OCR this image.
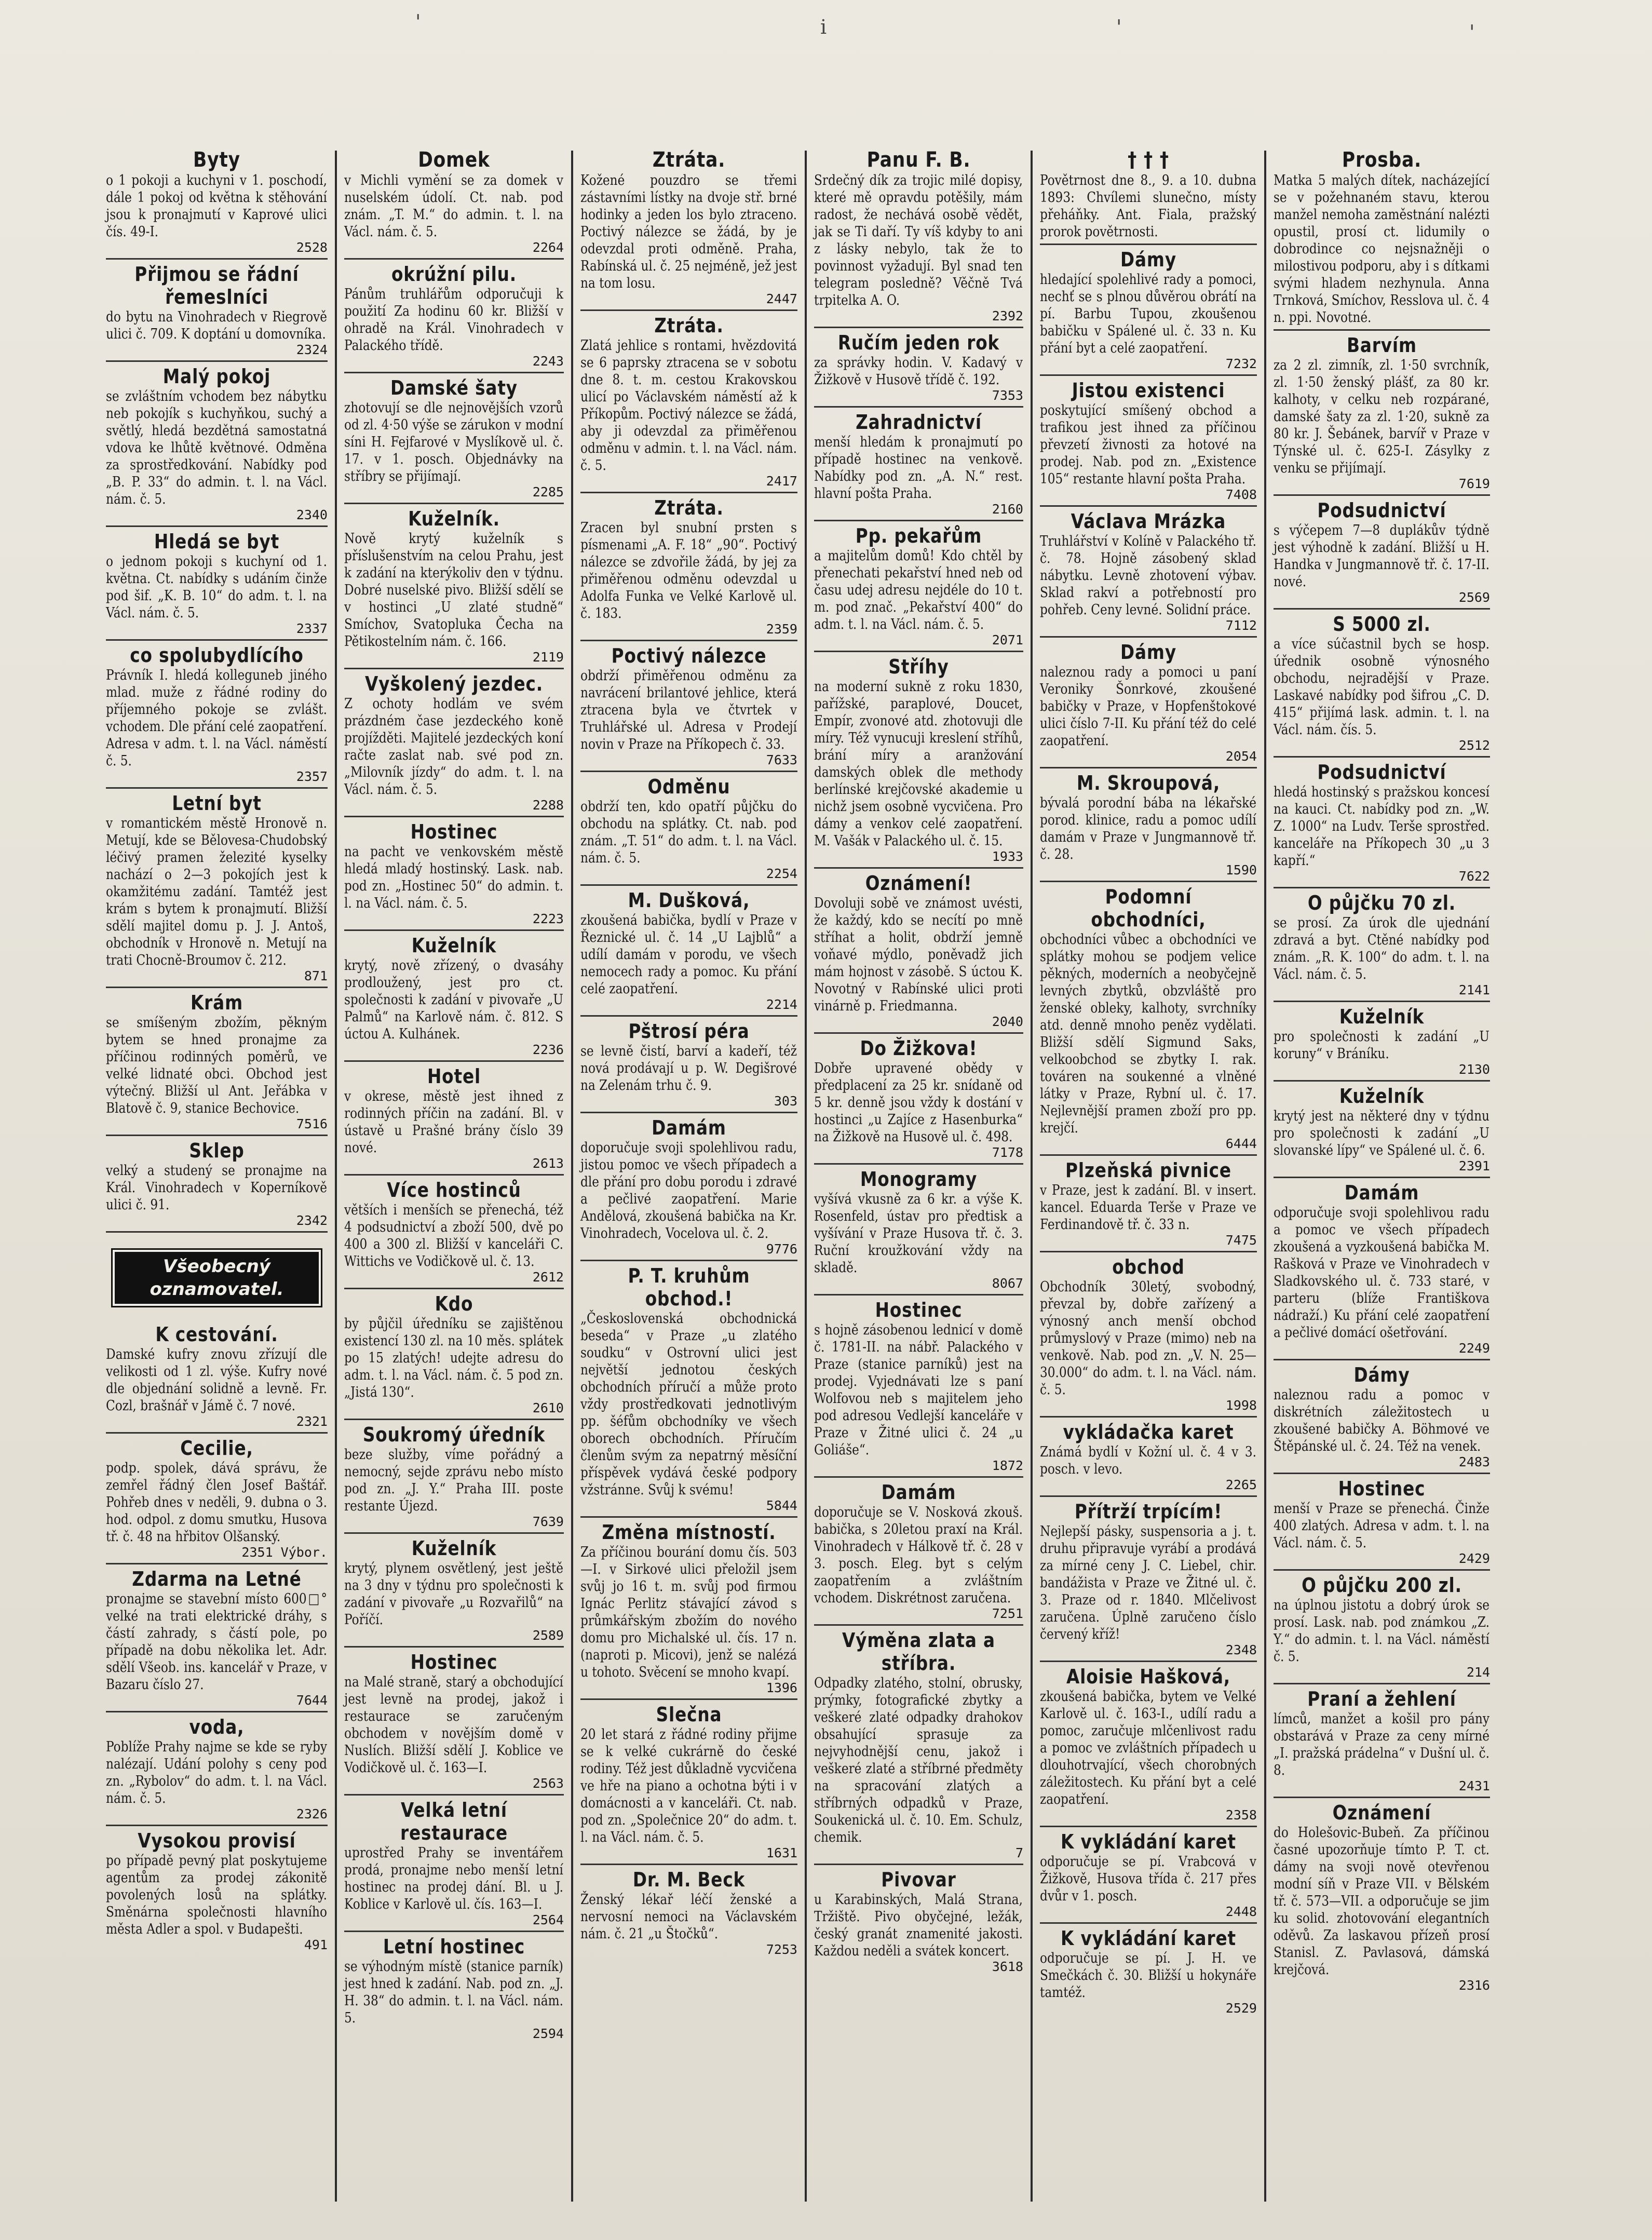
'	i	'	'
Byty
o 1 pokoji a kuchyni v 1. poschodí, dále 1 pokoj od května k stěhování jsou k pronajmutí v Kaprové ulici čís. 49-I.
2528
Přijmou se řádní řemeslníci
do bytu na Vinohradech v Riegrově ulici č. 709. K doptání u domovníka.
2324
Malý pokoj
se zvláštním vchodem bez nábytku neb pokojík s kuchyňkou, suchý a světlý, hledá bezdětná samostatná vdova ke lhůtě květnové. Odměna za sprostředkování. Nabídky pod „B. P. 33“ do admin. t. l. na Václ. nám. č. 5.
2340
Hledá se byt
o jednom pokoji s kuchyní od 1. května. Ct. nabídky s udáním činže pod šif. „K. B. 10“ do adm. t. l. na Václ. nám. č. 5.
2337
co spolubydlícího
Právník I. hledá kolleguneb jiného mlad. muže z řádné rodiny do příjemného pokoje se zvlášt. vchodem. Dle přání celé zaopatření. Adresa v adm. t. l. na Václ. náměstí č. 5.
2357
Letní byt
v romantickém městě Hronově n. Metují, kde se Bělovesa-Chudobský léčivý pramen železité kyselky nachází o 2—3 pokojích jest k okamžitému zadání. Tamtéž jest krám s bytem k pronajmutí. Bližší sdělí majitel domu p. J. J. Antoš, obchodník v Hronově n. Metují na trati Chocně-Broumov č. 212.
871
Krám
se smíšeným zbožím, pěkným bytem se hned pronajme za příčinou rodinných poměrů, ve velké lidnaté obci. Obchod jest výtečný. Bližší ul Ant. Jeřábka v Blatově č. 9, stanice Bechovice.
7516
Sklep
velký a studený se pronajme na Král. Vinohradech v Koperníkově ulici č. 91.
2342
Všeobecný oznamovatel.
K cestování.
Damské kufry znovu zřízují dle velikosti od 1 zl. výše. Kufry nové dle objednání solidně a levně. Fr. Cozl, brašnář v Jámě č. 7 nové.
2321
Cecilie,
podp. spolek, dává správu, že zemřel řádný člen Josef Baštář. Pohřeb dnes v neděli, 9. dubna o 3. hod. odpol. z domu smutku, Husova tř. č. 48 na hřbitov Olšanský.
2351 Výbor.
Zdarma na Letné
pronajme se stavební místo 600□° velké na trati elektrické dráhy, s částí zahrady, s částí pole, po případě na dobu několika let. Adr. sdělí Všeob. ins. kancelář v Praze, v Bazaru číslo 27.
7644
voda,
Poblíže Prahy najme se kde se ryby nalézají. Udání polohy s ceny pod zn. „Rybolov“ do adm. t. l. na Václ. nám. č. 5.
2326
Vysokou provisí
po případě pevný plat poskytujeme agentům za prodej zákonitě povolených losů na splátky. Směnárna společnosti hlavního města Adler a spol. v Budapešti.
491
Domek
v Michli vymění se za domek v nuselském údolí. Ct. nab. pod znám. „T. M.“ do admin. t. l. na Václ. nám. č. 5.
2264
okrúžní pilu.
Pánům truhlářům odporučuji k použití Za hodinu 60 kr. Bližší v ohradě na Král. Vinohradech v Palackého třídě.
2243
Damské šaty
zhotovují se dle nejnovějších vzorů od zl. 4·50 výše se zárukon v modní síni H. Fejfarové v Myslíkově ul. č. 17. v 1. posch. Objednávky na stříbry se přijímají.
2285
Kuželník.
Nově krytý kuželník s příslušenstvím na celou Prahu, jest k zadání na kterýkoliv den v týdnu. Dobré nuselské pivo. Bližší sdělí se v hostinci „U zlaté studně“ Smíchov, Svatopluka Čecha na Pětikostelním nám. č. 166.
2119
Vyškolený jezdec.
Z ochoty hodlám ve svém prázdném čase jezdeckého koně projížděti. Majitelé jezdeckých koní račte zaslat nab. své pod zn. „Milovník jízdy“ do adm. t. l. na Václ. nám. č. 5.
2288
Hostinec
na pacht ve venkovském městě hledá mladý hostinský. Lask. nab. pod zn. „Hostinec 50“ do admin. t. l. na Václ. nám. č. 5.
2223
Kuželník
krytý, nově zřízený, o dvasáhy prodloužený, jest pro ct. společnosti k zadání v pivovaře „U Palmů“ na Karlově nám. č. 812. S úctou A. Kulhánek.
2236
Hotel
v okrese, městě jest ihned z rodinných příčin na zadání. Bl. v ústavě u Prašné brány číslo 39 nové.
2613
Více hostinců
větších i menších se přenechá, též 4 podsudnictví a zboží 500, dvě po 400 a 300 zl. Bližší v kanceláři C. Wittichs ve Vodičkově ul. č. 13.
2612
Kdo
by půjčil úředníku se zajištěnou existencí 130 zl. na 10 měs. splátek po 15 zlatých! udejte adresu do adm. t. l. na Václ. nám. č. 5 pod zn. „Jistá 130“.
2610
Soukromý úředník
beze služby, víme pořádný a nemocný, sejde zprávu nebo místo pod zn. „J. Y.“ Praha III. poste restante Újezd.
7639
Kuželník
krytý, plynem osvětlený, jest ještě na 3 dny v týdnu pro společnosti k zadání v pivovaře „u Rozvařilů“ na Poříčí.
2589
Hostinec
na Malé straně, starý a obchodující jest levně na prodej, jakož i restaurace se zaručeným obchodem v novějším domě v Nuslích. Bližší sdělí J. Koblice ve Vodičkově ul. č. 163—I.
2563
Velká letní restaurace
uprostřed Prahy se inventářem prodá, pronajme nebo menší letní hostinec na prodej dání. Bl. u J. Koblice v Karlově ul. čís. 163—I.
2564
Letní hostinec
se výhodným místě (stanice parník) jest hned k zadání. Nab. pod zn. „J. H. 38“ do admin. t. l. na Václ. nám. 5.
2594
Ztráta.
Kožené pouzdro se třemi zástavními lístky na dvoje stř. brné hodinky a jeden los bylo ztraceno. Poctivý nálezce se žádá, by je odevzdal proti odměně. Praha, Rabínská ul. č. 25 nejméně, jež jest na tom losu.
2447
Ztráta.
Zlatá jehlice s rontami, hvězdovitá se 6 paprsky ztracena se v sobotu dne 8. t. m. cestou Krakovskou ulicí po Václavském náměstí až k Příkopům. Poctivý nálezce se žádá, aby ji odevzdal za přiměřenou odměnu v admin. t. l. na Václ. nám. č. 5.
2417
Ztráta.
Zracen byl snubní prsten s písmenami „A. F. 18“ „90“. Poctivý nálezce se zdvořile žádá, by jej za přiměřenou odměnu odevzdal u Adolfa Funka ve Velké Karlově ul. č. 183.
2359
Poctivý nálezce
obdrží přiměřenou odměnu za navrácení brilantové jehlice, která ztracena byla ve čtvrtek v Truhlářské ul. Adresa v Prodejí novin v Praze na Příkopech č. 33.
7633
Odměnu
obdrží ten, kdo opatří půjčku do obchodu na splátky. Ct. nab. pod znám. „T. 51“ do adm. t. l. na Václ. nám. č. 5.
2254
M. Dušková,
zkoušená babička, bydlí v Praze v Řeznické ul. č. 14 „U Lajblů“ a udílí damám v porodu, ve všech nemocech rady a pomoc. Ku přání celé zaopatření.
2214
Pštrosí péra
se levně čistí, barví a kadeří, též nová prodávají u p. W. Degišrové na Zelenám trhu č. 9.
303
Damám
doporučuje svoji spolehlivou radu, jistou pomoc ve všech případech a dle přání pro dobu porodu i zdravé a pečlivé zaopatření. Marie Andělová, zkoušená babička na Kr. Vinohradech, Vocelova ul. č. 2.
9776
P. T. kruhům obchod.!
„Československá obchodnická beseda“ v Praze „u zlatého soudku“ v Ostrovní ulici jest největší jednotou českých obchodních příručí a může proto vždy prostředkovati jednotlivým pp. šéfům obchodníky ve všech oborech obchodních. Příručím členům svým za nepatrný měsíční příspěvek vydává české podpory vžstránne. Svůj k svému!
5844
Změna místností.
Za příčinou bourání domu čís. 503—I. v Sirkové ulici přeložil jsem svůj jo 16 t. m. svůj pod firmou Ignác Perlitz stávající závod s průmkářským zbožím do nového domu pro Michalské ul. čís. 17 n. (naproti p. Micovi), jenž se nalézá u tohoto. Svěcení se mnoho kvapí.
1396
Slečna
20 let stará z řádné rodiny přijme se k velké cukrárně do české rodiny. Též jest důkladně vycvičena ve hře na piano a ochotna býti i v domácnosti a v kanceláři. Ct. nab. pod zn. „Společnice 20“ do adm. t. l. na Václ. nám. č. 5.
1631
Dr. M. Beck
Ženský lékař léčí ženské a nervosní nemoci na Václavském nám. č. 21 „u Štočků“.
7253
Panu F. B.
Srdečný dík za trojic milé dopisy, které mě opravdu potěšily, mám radost, že nechává osobě vědět, jak se Ti daří. Ty víš kdyby to ani z lásky nebylo, tak že to povinnost vyžadují. Byl snad ten telegram posledně? Věčně Tvá trpitelka A. O.
2392
Ručím jeden rok
za správky hodin. V. Kadavý v Žižkově v Husově třídě č. 192.
7353
Zahradnictví
menší hledám k pronajmutí po případě hostinec na venkově. Nabídky pod zn. „A. N.“ rest. hlavní pošta Praha.
2160
Pp. pekařům
a majitelům domů! Kdo chtěl by přenechati pekařství hned neb od času udej adresu nejdéle do 10 t. m. pod znač. „Pekařství 400“ do adm. t. l. na Václ. nám. č. 5.
2071
Stříhy
na moderní sukně z roku 1830, pařížské, paraplové, Doucet, Empír, zvonové atd. zhotovuji dle míry. Též vynucuji kreslení stříhů, brání míry a aranžování damských oblek dle methody berlínské krejčovské akademie u nichž jsem osobně vycvičena. Pro dámy a venkov celé zaopatření. M. Vašák v Palackého ul. č. 15.
1933
Oznámení!
Dovoluji sobě ve známost uvésti, že každý, kdo se necítí po mně stříhat a holit, obdrží jemně voňavé mýdlo, poněvadž jich mám hojnost v zásobě. S úctou K. Novotný v Rabínské ulici proti vinárně p. Friedmanna.
2040
Do Žižkova!
Dobře upravené obědy v předplacení za 25 kr. snídaně od 5 kr. denně jsou vždy k dostání v hostinci „u Zajíce z Hasenburka“ na Žižkově na Husově ul. č. 498.
7178
Monogramy
vyšívá vkusně za 6 kr. a výše K. Rosenfeld, ústav pro předtisk a vyšívání v Praze Husova tř. č. 3. Ruční kroužkování vždy na skladě.
8067
Hostinec
s hojně zásobenou lednicí v domě č. 1781-II. na nábř. Palackého v Praze (stanice parníků) jest na prodej. Vyjednávati lze s paní Wolfovou neb s majitelem jeho pod adresou Vedlejší kanceláře v Praze v Žitné ulici č. 24 „u Goliáše“.
1872
Damám
doporučuje se V. Nosková zkouš. babička, s 20letou praxí na Král. Vinohradech v Hálkově tř. č. 28 v 3. posch. Eleg. byt s celým zaopatřením a zvláštním vchodem. Diskrétnost zaručena.
7251
Výměna zlata a stříbra.
Odpadky zlatého, stolní, obrusky, prýmky, fotografické zbytky a veškeré zlaté odpadky drahokov obsahující sprasuje za nejvyhodnější cenu, jakož i veškeré zlaté a stříbrné předměty na spracování zlatých a stříbrných odpadků v Praze, Soukenická ul. č. 10. Em. Schulz, chemik.
7
Pivovar
u Karabinských, Malá Strana, Tržiště. Pivo obyčejné, ležák, český granát znamenité jakosti. Každou neděli a svátek koncert.
3618
† † †
Povětrnost dne 8., 9. a 10. dubna 1893: Chvílemi slunečno, místy přeháňky. Ant. Fiala, pražský prorok povětrnosti.
Dámy
hledající spolehlivé rady a pomoci, nechť se s plnou důvěrou obrátí na pí. Barbu Tupou, zkoušenou babičku v Spálené ul. č. 33 n. Ku přání byt a celé zaopatření.
7232
Jistou existenci
poskytující smíšený obchod a trafikou jest ihned za příčinou převzetí živnosti za hotové na prodej. Nab. pod zn. „Existence 105“ restante hlavní pošta Praha.
7408
Václava Mrázka
Truhlářství v Kolíně v Palackého tř. č. 78. Hojně zásobený sklad nábytku. Levně zhotovení výbav. Sklad rakví a potřebností pro pohřeb. Ceny levné. Solidní práce.
7112
Dámy
naleznou rady a pomoci u paní Veroniky Šonrkové, zkoušené babičky v Praze, v Hopfenštokové ulici číslo 7-II. Ku přání též do celé zaopatření.
2054
M. Skroupová,
bývalá porodní bába na lékařské porod. klinice, radu a pomoc udílí damám v Praze v Jungmannově tř. č. 28.
1590
Podomní obchodníci,
obchodníci vůbec a obchodníci ve splátky mohou se podjem velice pěkných, moderních a neobyčejně levných zbytků, obzvláště pro ženské obleky, kalhoty, svrchníky atd. denně mnoho peněz vydělati. Bližší sdělí Sigmund Saks, velkoobchod se zbytky I. rak. továren na soukenné a vlněné látky v Praze, Rybní ul. č. 17. Nejlevnější pramen zboží pro pp. krejčí.
6444
Plzeňská pivnice
v Praze, jest k zadání. Bl. v insert. kancel. Eduarda Terše v Praze ve Ferdinandově tř. č. 33 n.
7475
obchod
Obchodník 30letý, svobodný, převzal by, dobře zařízený a výnosný anch menší obchod průmyslový v Praze (mimo) neb na venkově. Nab. pod zn. „V. N. 25—30.000“ do adm. t. l. na Václ. nám. č. 5.
1998
vykládačka karet
Známá bydlí v Kožní ul. č. 4 v 3. posch. v levo.
2265
Přítrží trpícím!
Nejlepší pásky, suspensoria a j. t. druhu připravuje vyrábí a prodává za mírné ceny J. C. Liebel, chir. bandážista v Praze ve Žitné ul. č. 3. Praze od r. 1840. Mlčelivost zaručena. Úplně zaručeno číslo červený kříž!
2348
Aloisie Hašková,
zkoušená babička, bytem ve Velké Karlově ul. č. 163-I., udílí radu a pomoc, zaručuje mlčenlivost radu a pomoc ve zvláštních případech u dlouhotrvající, všech chorobných záležitostech. Ku přání byt a celé zaopatření.
2358
K vykládání karet
odporučuje se pí. Vrabcová v Žižkově, Husova třída č. 217 přes dvůr v 1. posch.
2448
K vykládání karet
odporučuje se pí. J. H. ve Smečkách č. 30. Bližší u hokynáře tamtéž.
2529
Prosba.
Matka 5 malých dítek, nacházející se v požehnaném stavu, kterou manžel nemoha zaměstnání nalézti opustil, prosí ct. lidumily o dobrodince co nejsnažněji o milostivou podporu, aby i s dítkami svými hladem nezhynula. Anna Trnková, Smíchov, Resslova ul. č. 4 n. ppi. Novotné.
Barvím
za 2 zl. zimník, zl. 1·50 svrchník, zl. 1·50 ženský plášť, za 80 kr. kalhoty, v celku neb rozpárané, damské šaty za zl. 1·20, sukně za 80 kr. J. Šebánek, barvíř v Praze v Týnské ul. č. 625-I. Zásylky z venku se přijímají.
7619
Podsudnictví
s výčepem 7—8 duplákův týdně jest výhodně k zadání. Bližší u H. Handka v Jungmannově tř. č. 17-II. nové.
2569
S 5000 zl.
a více súčastnil bych se hosp. úřednik osobně výnosného obchodu, nejradější v Praze. Laskavé nabídky pod šifrou „C. D. 415“ přijímá lask. admin. t. l. na Václ. nám. čís. 5.
2512
Podsudnictví
hledá hostinský s pražskou koncesí na kauci. Ct. nabídky pod zn. „W. Z. 1000“ na Ludv. Terše sprostřed. kanceláře na Příkopech 30 „u 3 kapří.“
7622
O půjčku 70 zl.
se prosí. Za úrok dle ujednání zdravá a byt. Ctěné nabídky pod znám. „R. K. 100“ do adm. t. l. na Václ. nám. č. 5.
2141
Kuželník
pro společnosti k zadání „U koruny“ v Bráníku.
2130
Kuželník
krytý jest na některé dny v týdnu pro společnosti k zadání „U slovanské lípy“ ve Spálené ul. č. 6.
2391
Damám
odporučuje svoji spolehlivou radu a pomoc ve všech případech zkoušená a vyzkoušená babička M. Rašková v Praze ve Vinohradech v Sladkovského ul. č. 733 staré, v parteru (blíže Františkova nádraží.) Ku přání celé zaopatření a pečlivé domácí ošetřování.
2249
Dámy
naleznou radu a pomoc v diskrétních záležitostech u zkoušené babičky A. Böhmové ve Štěpánské ul. č. 24. Též na venek.
2483
Hostinec
menší v Praze se přenechá. Činže 400 zlatých. Adresa v adm. t. l. na Václ. nám. č. 5.
2429
O půjčku 200 zl.
na úplnou jistotu a dobrý úrok se prosí. Lask. nab. pod známkou „Z. Y.“ do admin. t. l. na Václ. náměstí č. 5.
214
Praní a žehlení
límců, manžet a košil pro pány obstarává v Praze za ceny mírné „I. pražská prádelna“ v Dušní ul. č. 8.
2431
Oznámení
do Holešovic-Bubeň. Za příčinou časné upozorňuje tímto P. T. ct. dámy na svoji nově otevřenou modní síň v Praze VII. v Bělském tř. č. 573—VII. a odporučuje se jim ku solid. zhotovování elegantních oděvů. Za laskavou přízeň prosí Stanisl. Z. Pavlasová, dámská krejčová.
2316
